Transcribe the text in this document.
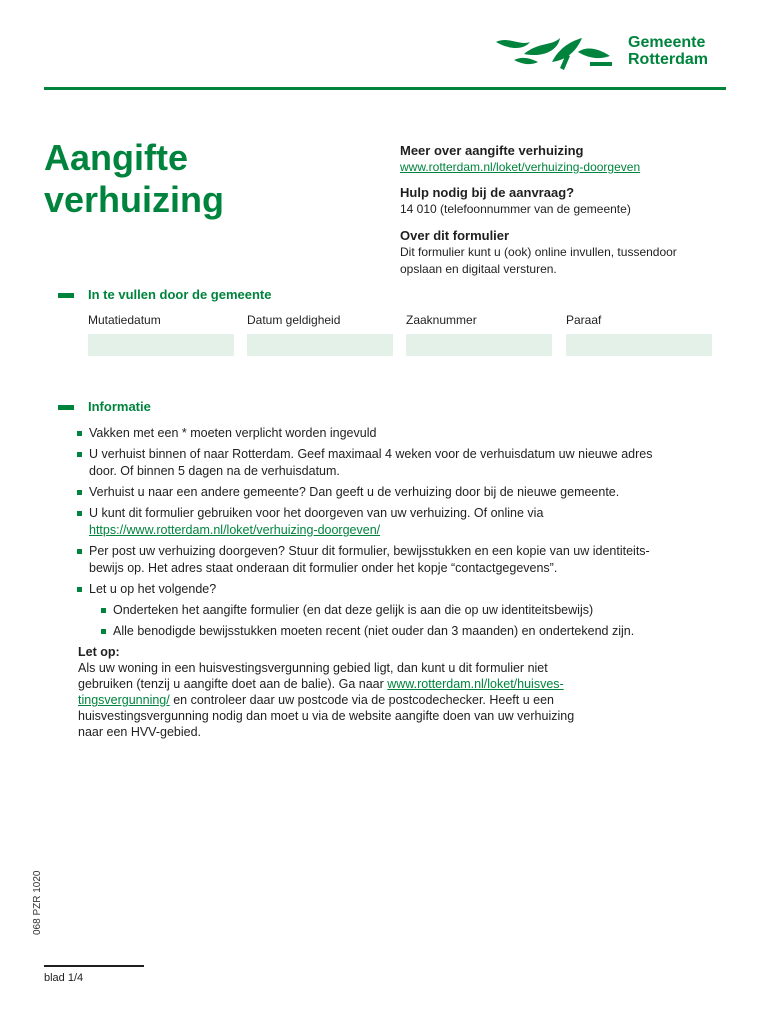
Gemeente
Rotterdam
Aangifte
verhuizing
Meer over aangifte verhuizing
www.rotterdam.nl/loket/verhuizing-doorgeven
Hulp nodig bij de aanvraag?
14 010 (telefoonnummer van de gemeente)
Over dit formulier
Dit formulier kunt u (ook) online invullen, tussendoor
opslaan en digitaal versturen.
In te vullen door de gemeente
Mutatiedatum	Datum geldigheid	Zaaknummer	Paraaf
Informatie
Vakken met een * moeten verplicht worden ingevuld
U verhuist binnen of naar Rotterdam. Geef maximaal 4 weken voor de verhuisdatum uw nieuwe adres
door. Of binnen 5 dagen na de verhuisdatum.
Verhuist u naar een andere gemeente? Dan geeft u de verhuizing door bij de nieuwe gemeente.
U kunt dit formulier gebruiken voor het doorgeven van uw verhuizing. Of online via
https://www.rotterdam.nl/loket/verhuizing-doorgeven/
Per post uw verhuizing doorgeven? Stuur dit formulier, bewijsstukken en een kopie van uw identiteits-
bewijs op. Het adres staat onderaan dit formulier onder het kopje “contactgegevens”.
Let u op het volgende?
Onderteken het aangifte formulier (en dat deze gelijk is aan die op uw identiteitsbewijs)
Alle benodigde bewijsstukken moeten recent (niet ouder dan 3 maanden) en ondertekend zijn.
Let op:
Als uw woning in een huisvestingsvergunning gebied ligt, dan kunt u dit formulier niet
gebruiken (tenzij u aangifte doet aan de balie). Ga naar www.rotterdam.nl/loket/huisves-
tingsvergunning/ en controleer daar uw postcode via de postcodechecker. Heeft u een
huisvestingsvergunning nodig dan moet u via de website aangifte doen van uw verhuizing
naar een HVV-gebied.
068 PZR 1020
blad 1/4
